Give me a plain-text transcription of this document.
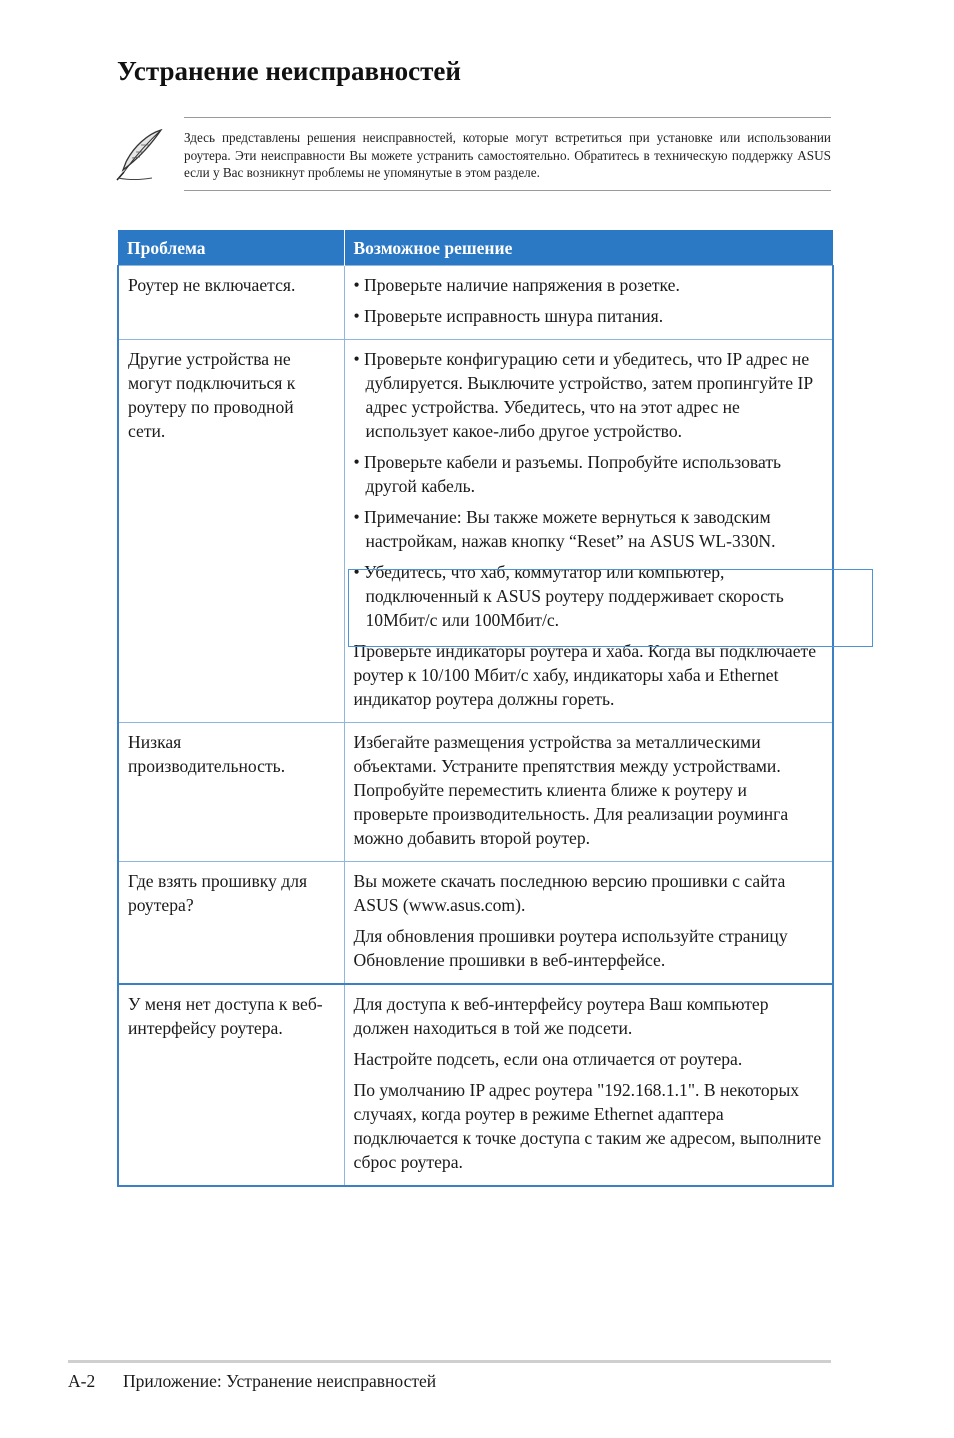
Устранение неисправностей

Здесь представлены решения неисправностей, которые могут встретиться при установке или использовании роутера. Эти неисправности Вы можете устранить самостоятельно. Обратитесь в техническую поддержку ASUS если у Вас возникнут проблемы не упомянутые в этом разделе.

Проблема	Возможное решение
Роутер не включается.	• Проверьте наличие напряжения в розетке.

• Проверьте исправность шнура питания.

Другие устройства не могут подключиться к роутеру по проводной сети.	• Проверьте конфигурацию сети и убедитесь, что IP адрес не дублируется. Выключите устройство, затем пропингуйте IP адрес устройства. Убедитесь, что на этот адрес не использует какое-либо другое устройство.

• Проверьте кабели и разъемы. Попробуйте использовать другой кабель.

• Примечание: Вы также можете вернуться к заводским настройкам, нажав кнопку “Reset” на ASUS WL-330N.

• Убедитесь, что хаб, коммутатор или компьютер, подключенный к ASUS роутеру поддерживает скорость 10Мбит/с или 100Мбит/с.

Проверьте индикаторы роутера и хаба. Когда вы подключаете роутер к 10/100 Мбит/с хабу, индикаторы хаба и Ethernet индикатор роутера должны гореть.

Низкая производительность.	Избегайте размещения устройства за металлическими объектами. Устраните препятствия между устройствами. Попробуйте переместить клиента ближе к роутеру и проверьте производительность. Для реализации роуминга можно добавить второй роутер.

Где взять прошивку для роутера?	Вы можете скачать последнюю версию прошивки с сайта ASUS (www.asus.com).

Для обновления прошивки роутера используйте страницу Обновление прошивки в веб-интерфейсе.

У меня нет доступа к веб-интерфейсу роутера.	Для доступа к веб-интерфейсу роутера Ваш компьютер должен находиться в той же подсети.

Настройте подсеть, если она отличается от роутера.

По умолчанию IP адрес роутера "192.168.1.1". В некоторых случаях, когда роутер в режиме Ethernet адаптера подключается к точке доступа с таким же адресом, выполните сброс роутера.

A-2 Приложение: Устранение неисправностей
